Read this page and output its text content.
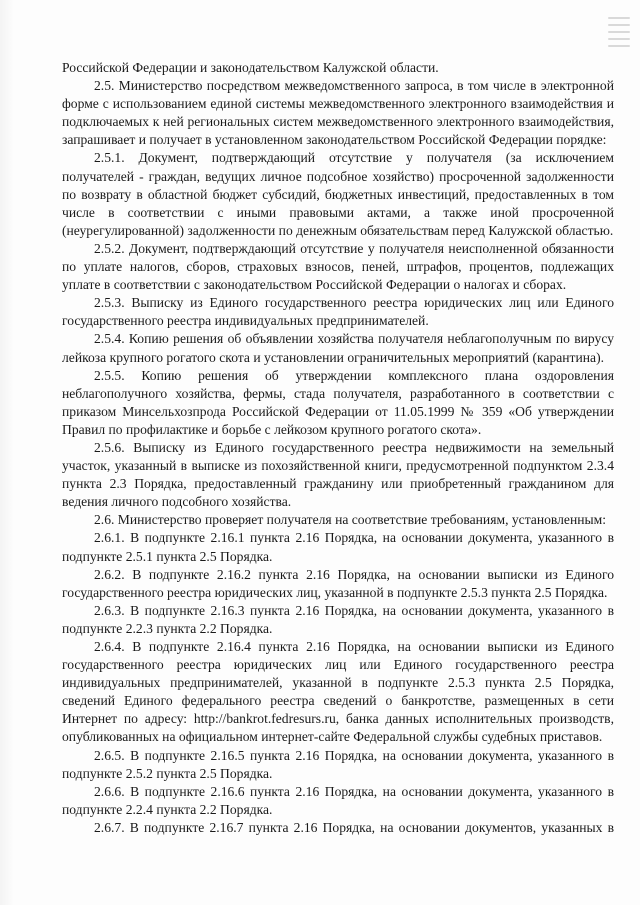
Российской Федерации и законодательством Калужской области.

2.5. Министерство посредством межведомственного запроса, в том числе в электронной форме с использованием единой системы межведомственного электронного взаимодействия и подключаемых к ней региональных систем межведомственного электронного взаимодействия, запрашивает и получает в установленном законодательством Российской Федерации порядке:

2.5.1. Документ, подтверждающий отсутствие у получателя (за исключением получателей - граждан, ведущих личное подсобное хозяйство) просроченной задолженности по возврату в областной бюджет субсидий, бюджетных инвестиций, предоставленных в том числе в соответствии с иными правовыми актами, а также иной просроченной (неурегулированной) задолженности по денежным обязательствам перед Калужской областью.

2.5.2. Документ, подтверждающий отсутствие у получателя неисполненной обязанности по уплате налогов, сборов, страховых взносов, пеней, штрафов, процентов, подлежащих уплате в соответствии с законодательством Российской Федерации о налогах и сборах.

2.5.3. Выписку из Единого государственного реестра юридических лиц или Единого государственного реестра индивидуальных предпринимателей.

2.5.4. Копию решения об объявлении хозяйства получателя неблагополучным по вирусу лейкоза крупного рогатого скота и установлении ограничительных мероприятий (карантина).

2.5.5. Копию решения об утверждении комплексного плана оздоровления неблагополучного хозяйства, фермы, стада получателя, разработанного в соответствии с приказом Минсельхозпрода Российской Федерации от 11.05.1999 № 359 «Об утверждении Правил по профилактике и борьбе с лейкозом крупного рогатого скота».

2.5.6. Выписку из Единого государственного реестра недвижимости на земельный участок, указанный в выписке из похозяйственной книги, предусмотренной подпунктом 2.3.4 пункта 2.3 Порядка, предоставленный гражданину или приобретенный гражданином для ведения личного подсобного хозяйства.

2.6. Министерство проверяет получателя на соответствие требованиям, установленным:

2.6.1. В подпункте 2.16.1 пункта 2.16 Порядка, на основании документа, указанного в подпункте 2.5.1 пункта 2.5 Порядка.

2.6.2. В подпункте 2.16.2 пункта 2.16 Порядка, на основании выписки из Единого государственного реестра юридических лиц, указанной в подпункте 2.5.3 пункта 2.5 Порядка.

2.6.3. В подпункте 2.16.3 пункта 2.16 Порядка, на основании документа, указанного в подпункте 2.2.3 пункта 2.2 Порядка.

2.6.4. В подпункте 2.16.4 пункта 2.16 Порядка, на основании выписки из Единого государственного реестра юридических лиц или Единого государственного реестра индивидуальных предпринимателей, указанной в подпункте 2.5.3 пункта 2.5 Порядка, сведений Единого федерального реестра сведений о банкротстве, размещенных в сети Интернет по адресу: http://bankrot.fedresurs.ru, банка данных исполнительных производств, опубликованных на официальном интернет-сайте Федеральной службы судебных приставов.

2.6.5. В подпункте 2.16.5 пункта 2.16 Порядка, на основании документа, указанного в подпункте 2.5.2 пункта 2.5 Порядка.

2.6.6. В подпункте 2.16.6 пункта 2.16 Порядка, на основании документа, указанного в подпункте 2.2.4 пункта 2.2 Порядка.

2.6.7. В подпункте 2.16.7 пункта 2.16 Порядка, на основании документов, указанных в
